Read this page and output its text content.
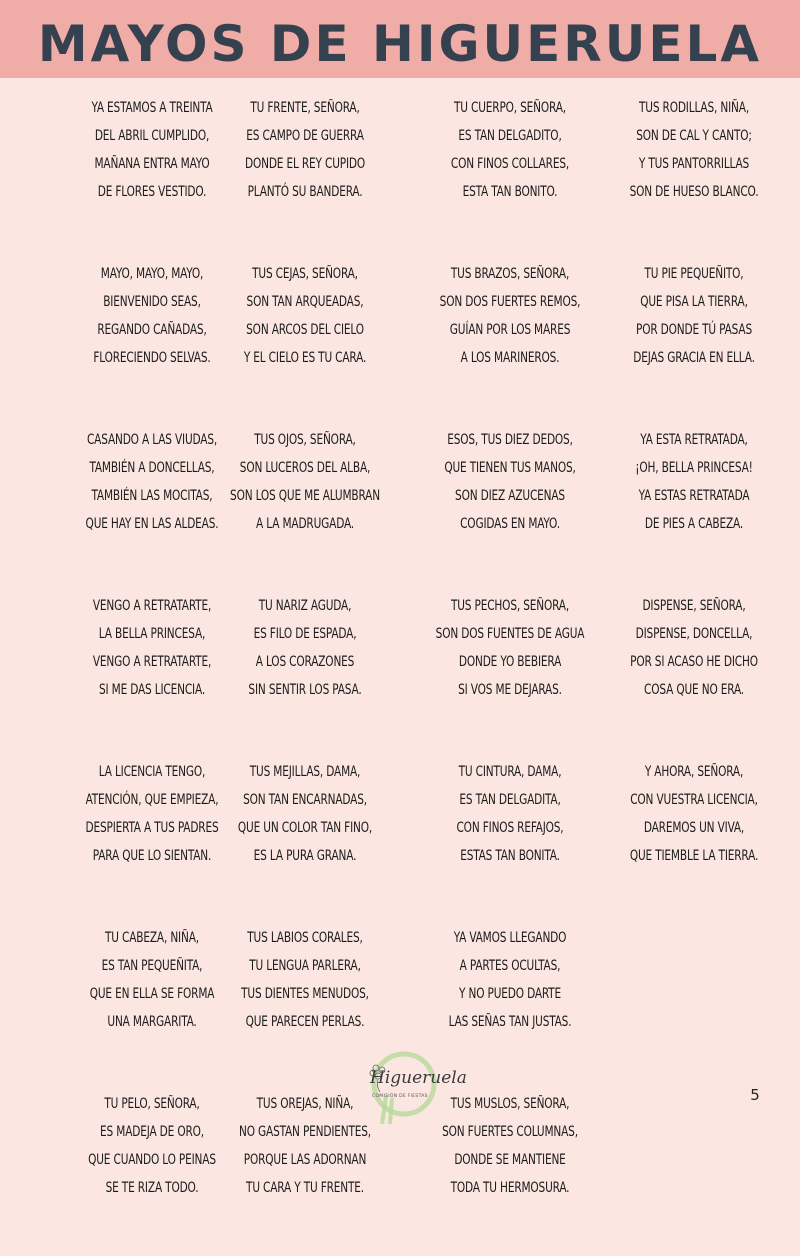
MAYOS DE HIGUERUELA
YA ESTAMOS A TREINTA
DEL ABRIL CUMPLIDO,
MAÑANA ENTRA MAYO
DE FLORES VESTIDO.
MAYO, MAYO, MAYO,
BIENVENIDO SEAS,
REGANDO CAÑADAS,
FLORECIENDO SELVAS.
CASANDO A LAS VIUDAS,
TAMBIÉN A DONCELLAS,
TAMBIÉN LAS MOCITAS,
QUE HAY EN LAS ALDEAS.
VENGO A RETRATARTE,
LA BELLA PRINCESA,
VENGO A RETRATARTE,
SI ME DAS LICENCIA.
LA LICENCIA TENGO,
ATENCIÓN, QUE EMPIEZA,
DESPIERTA A TUS PADRES
PARA QUE LO SIENTAN.
TU CABEZA, NIÑA,
ES TAN PEQUEÑITA,
QUE EN ELLA SE FORMA
UNA MARGARITA.
TU PELO, SEÑORA,
ES MADEJA DE ORO,
QUE CUANDO LO PEINAS
SE TE RIZA TODO.
TU FRENTE, SEÑORA,
ES CAMPO DE GUERRA
DONDE EL REY CUPIDO
PLANTÓ SU BANDERA.
TUS CEJAS, SEÑORA,
SON TAN ARQUEADAS,
SON ARCOS DEL CIELO
Y EL CIELO ES TU CARA.
TUS OJOS, SEÑORA,
SON LUCEROS DEL ALBA,
SON LOS QUE ME ALUMBRAN
A LA MADRUGADA.
TU NARIZ AGUDA,
ES FILO DE ESPADA,
A LOS CORAZONES
SIN SENTIR LOS PASA.
TUS MEJILLAS, DAMA,
SON TAN ENCARNADAS,
QUE UN COLOR TAN FINO,
ES LA PURA GRANA.
TUS LABIOS CORALES,
TU LENGUA PARLERA,
TUS DIENTES MENUDOS,
QUE PARECEN PERLAS.
TUS OREJAS, NIÑA,
NO GASTAN PENDIENTES,
PORQUE LAS ADORNAN
TU CARA Y TU FRENTE.
TU CUERPO, SEÑORA,
ES TAN DELGADITO,
CON FINOS COLLARES,
ESTA TAN BONITO.
TUS BRAZOS, SEÑORA,
SON DOS FUERTES REMOS,
GUÍAN POR LOS MARES
A LOS MARINEROS.
ESOS, TUS DIEZ DEDOS,
QUE TIENEN TUS MANOS,
SON DIEZ AZUCENAS
COGIDAS EN MAYO.
TUS PECHOS, SEÑORA,
SON DOS FUENTES DE AGUA
DONDE YO BEBIERA
SI VOS ME DEJARAS.
TU CINTURA, DAMA,
ES TAN DELGADITA,
CON FINOS REFAJOS,
ESTAS TAN BONITA.
YA VAMOS LLEGANDO
A PARTES OCULTAS,
Y NO PUEDO DARTE
LAS SEÑAS TAN JUSTAS.
TUS MUSLOS, SEÑORA,
SON FUERTES COLUMNAS,
DONDE SE MANTIENE
TODA TU HERMOSURA.
TUS RODILLAS, NIÑA,
SON DE CAL Y CANTO;
Y TUS PANTORRILLAS
SON DE HUESO BLANCO.
TU PIE PEQUEÑITO,
QUE PISA LA TIERRA,
POR DONDE TÚ PASAS
DEJAS GRACIA EN ELLA.
YA ESTA RETRATADA,
¡OH, BELLA PRINCESA!
YA ESTAS RETRATADA
DE PIES A CABEZA.
DISPENSE, SEÑORA,
DISPENSE, DONCELLA,
POR SI ACASO HE DICHO
COSA QUE NO ERA.
Y AHORA, SEÑORA,
CON VUESTRA LICENCIA,
DAREMOS UN VIVA,
QUE TIEMBLE LA TIERRA.
Higueruela
COMISIÓN DE FIESTAS	5
